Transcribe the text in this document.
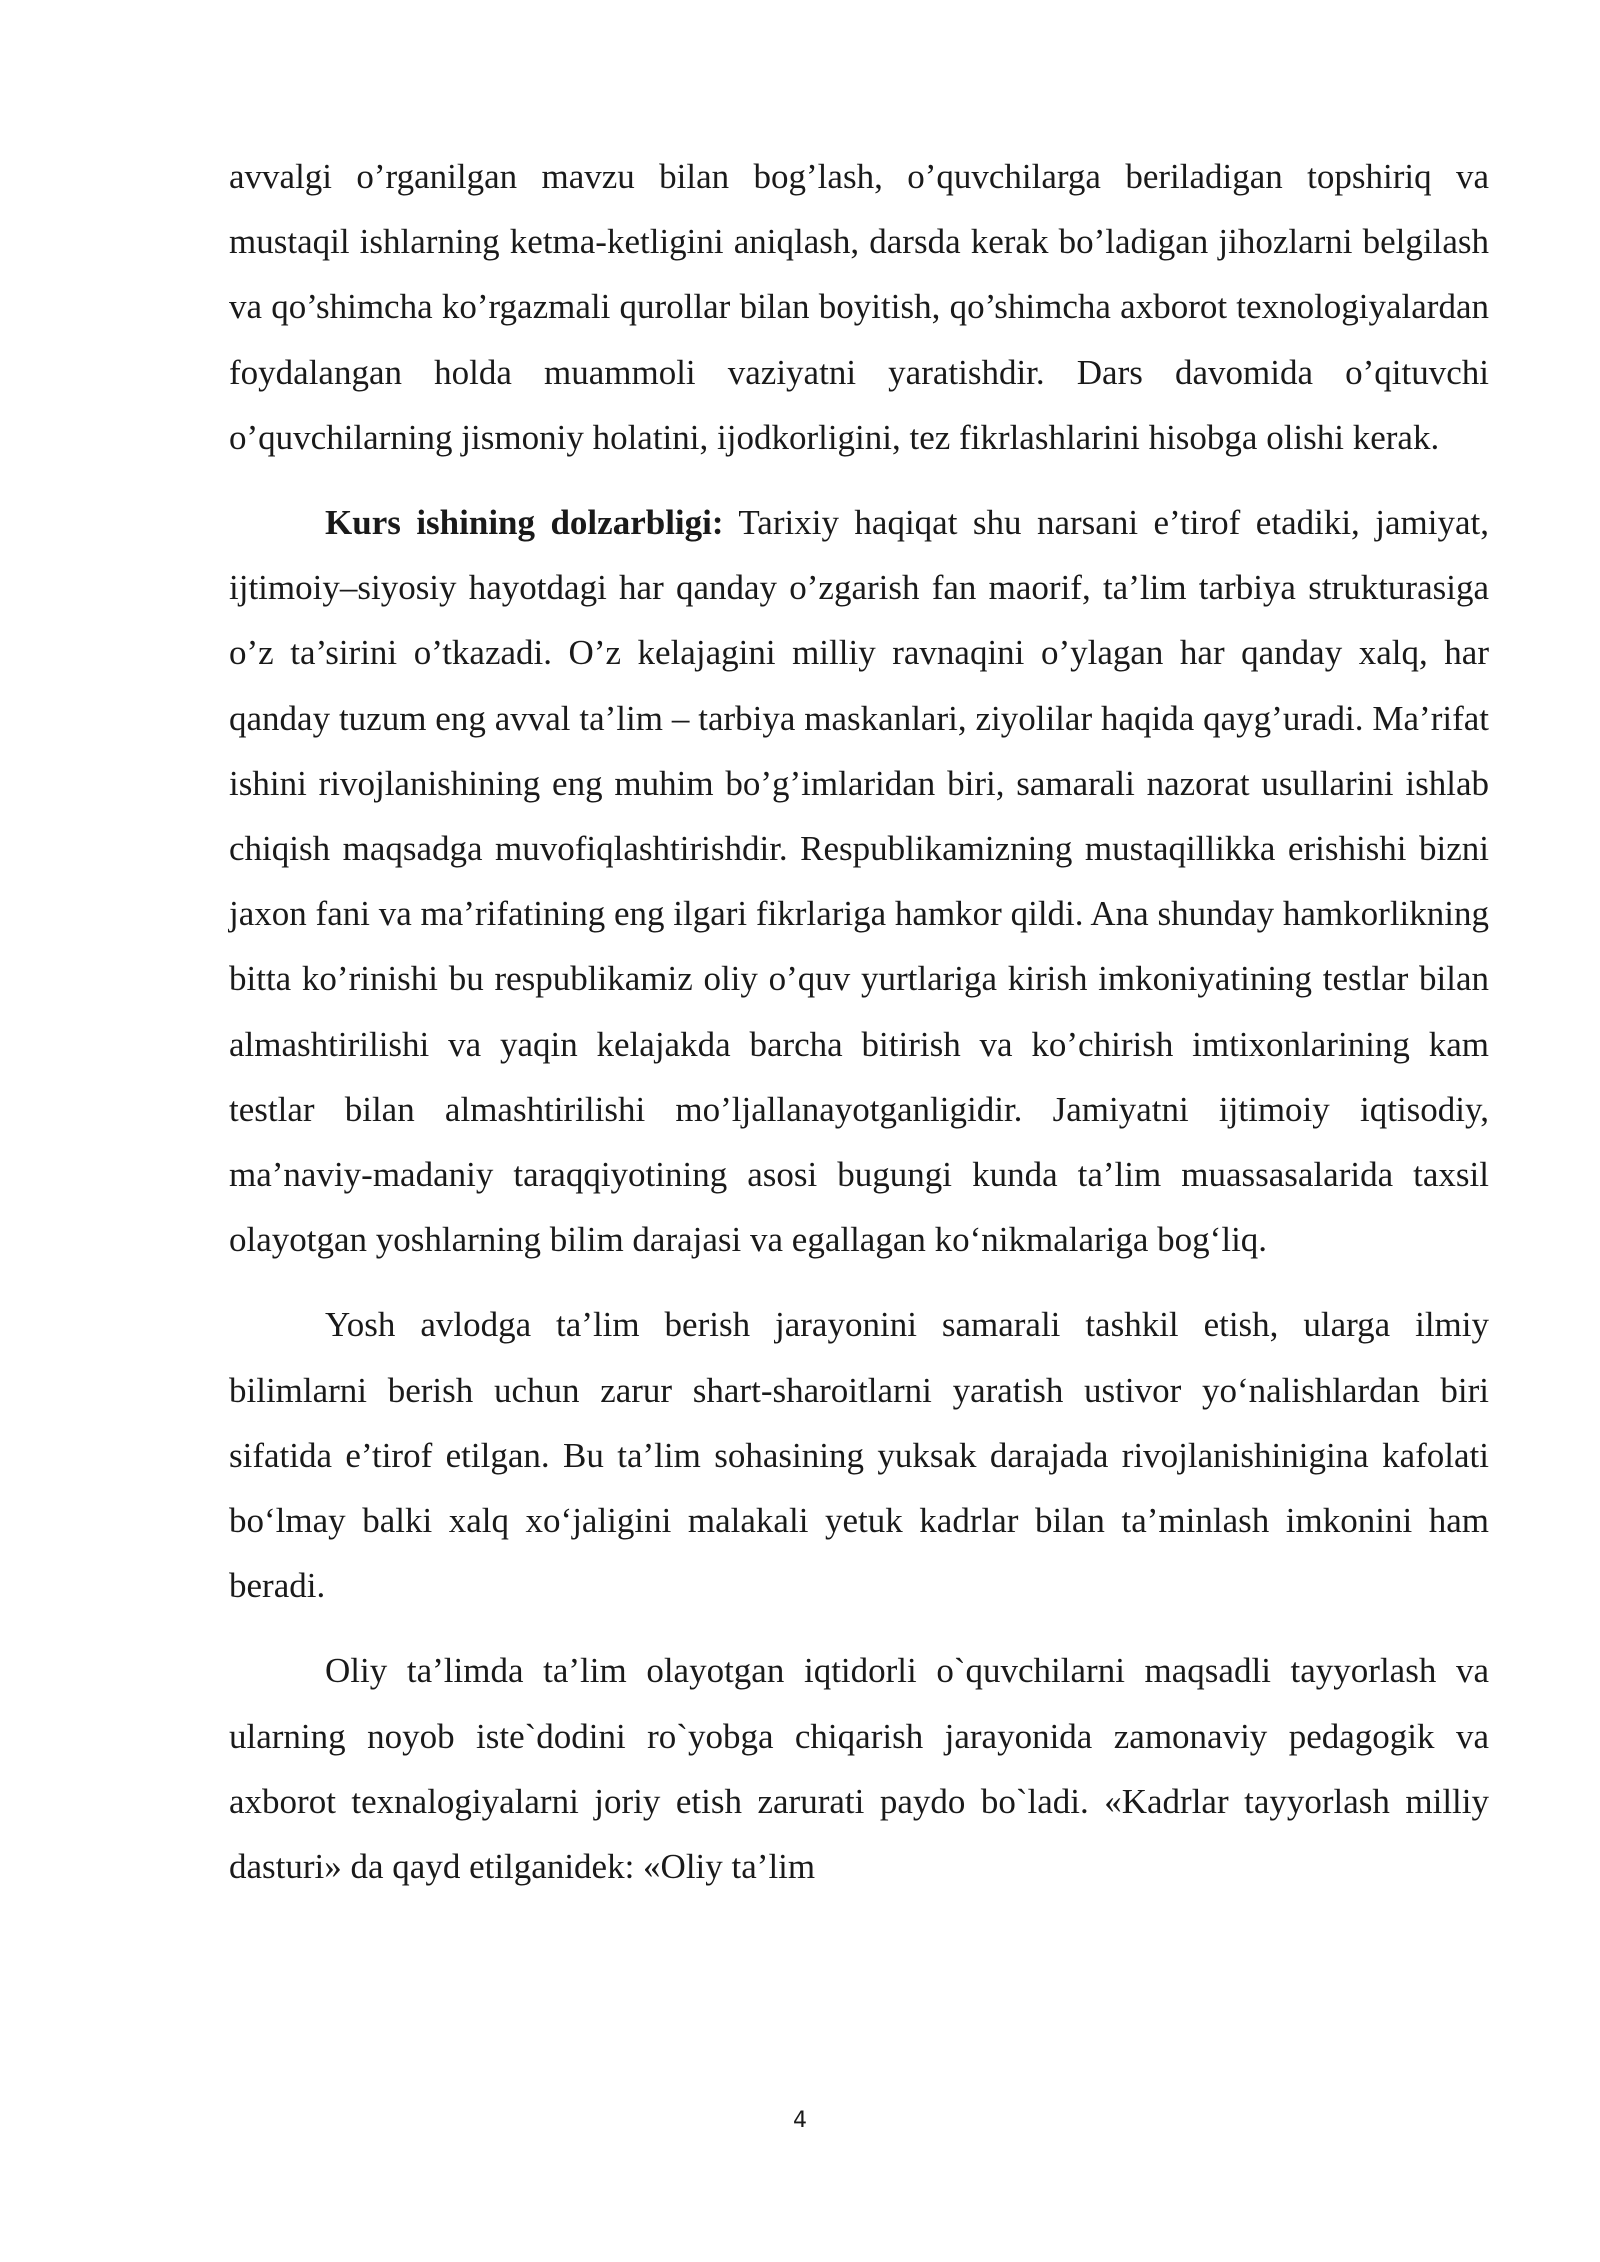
avvalgi o’rganilgan mavzu bilan bog’lash, o’quvchilarga beriladigan topshiriq va mustaqil ishlarning ketma-ketligini aniqlash, darsda kerak bo’ladigan jihozlarni belgilash va qo’shimcha ko’rgazmali qurollar bilan boyitish, qo’shimcha axborot texnologiyalardan foydalangan holda muammoli vaziyatni yaratishdir. Dars davomida o’qituvchi o’quvchilarning jismoniy holatini, ijodkorligini, tez fikrlashlarini hisobga olishi kerak.

Kurs ishining dolzarbligi: Tarixiy haqiqat shu narsani e’tirof etadiki, jamiyat, ijtimoiy–siyosiy hayotdagi har qanday o’zgarish fan maorif, ta’lim tarbiya strukturasiga o’z ta’sirini o’tkazadi. O’z kelajagini milliy ravnaqini o’ylagan har qanday xalq, har qanday tuzum eng avval ta’lim – tarbiya maskanlari, ziyolilar haqida qayg’uradi. Ma’rifat ishini rivojlanishining eng muhim bo’g’imlaridan biri, samarali nazorat usullarini ishlab chiqish maqsadga muvofiqlashtirishdir. Respublikamizning mustaqillikka erishishi bizni jaxon fani va ma’rifatining eng ilgari fikrlariga hamkor qildi. Ana shunday hamkorlikning bitta ko’rinishi bu respublikamiz oliy o’quv yurtlariga kirish imkoniyatining testlar bilan almashtirilishi va yaqin kelajakda barcha bitirish va ko’chirish imtixonlarining kam testlar bilan almashtirilishi mo’ljallanayotganligidir. Jamiyatni ijtimoiy iqtisodiy, ma’naviy-madaniy taraqqiyotining asosi bugungi kunda ta’lim muassasalarida taxsil olayotgan yoshlarning bilim darajasi va egallagan ko‘nikmalariga bog‘liq.

Yosh avlodga ta’lim berish jarayonini samarali tashkil etish, ularga ilmiy bilimlarni berish uchun zarur shart-sharoitlarni yaratish ustivor yo‘nalishlardan biri sifatida e’tirof etilgan. Bu ta’lim sohasining yuksak darajada rivojlanishinigina kafolati bo‘lmay balki xalq xo‘jaligini malakali yetuk kadrlar bilan ta’minlash imkonini ham beradi.

Oliy ta’limda ta’lim olayotgan iqtidorli o`quvchilarni maqsadli tayyorlash va ularning noyob iste`dodini ro`yobga chiqarish jarayonida zamonaviy pedagogik va axborot texnalogiyalarni joriy etish zarurati paydo bo`ladi. «Kadrlar tayyorlash milliy dasturi» da qayd etilganidek: «Oliy ta’lim

4
